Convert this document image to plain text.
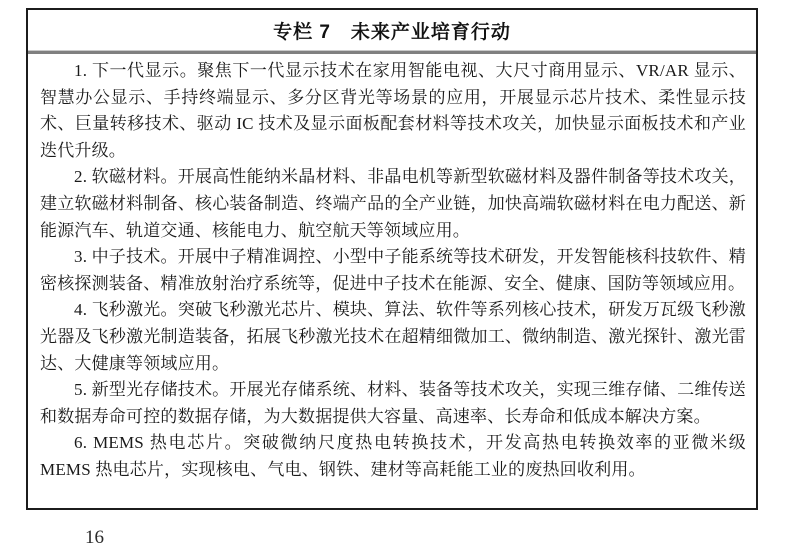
专栏 7　未来产业培育行动

1. 下一代显示。聚焦下一代显示技术在家用智能电视、大尺寸商用显示、VR/AR 显示、智慧办公显示、手持终端显示、多分区背光等场景的应用，开展显示芯片技术、柔性显示技术、巨量转移技术、驱动 IC 技术及显示面板配套材料等技术攻关，加快显示面板技术和产业迭代升级。

2. 软磁材料。开展高性能纳米晶材料、非晶电机等新型软磁材料及器件制备等技术攻关，建立软磁材料制备、核心装备制造、终端产品的全产业链，加快高端软磁材料在电力配送、新能源汽车、轨道交通、核能电力、航空航天等领域应用。

3. 中子技术。开展中子精准调控、小型中子能系统等技术研发，开发智能核科技软件、精密核探测装备、精准放射治疗系统等，促进中子技术在能源、安全、健康、国防等领域应用。

4. 飞秒激光。突破飞秒激光芯片、模块、算法、软件等系列核心技术，研发万瓦级飞秒激光器及飞秒激光制造装备，拓展飞秒激光技术在超精细微加工、微纳制造、激光探针、激光雷达、大健康等领域应用。

5. 新型光存储技术。开展光存储系统、材料、装备等技术攻关，实现三维存储、二维传送和数据寿命可控的数据存储，为大数据提供大容量、高速率、长寿命和低成本解决方案。

6. MEMS 热电芯片。突破微纳尺度热电转换技术，开发高热电转换效率的亚微米级 MEMS 热电芯片，实现核电、气电、钢铁、建材等高耗能工业的废热回收利用。

16
